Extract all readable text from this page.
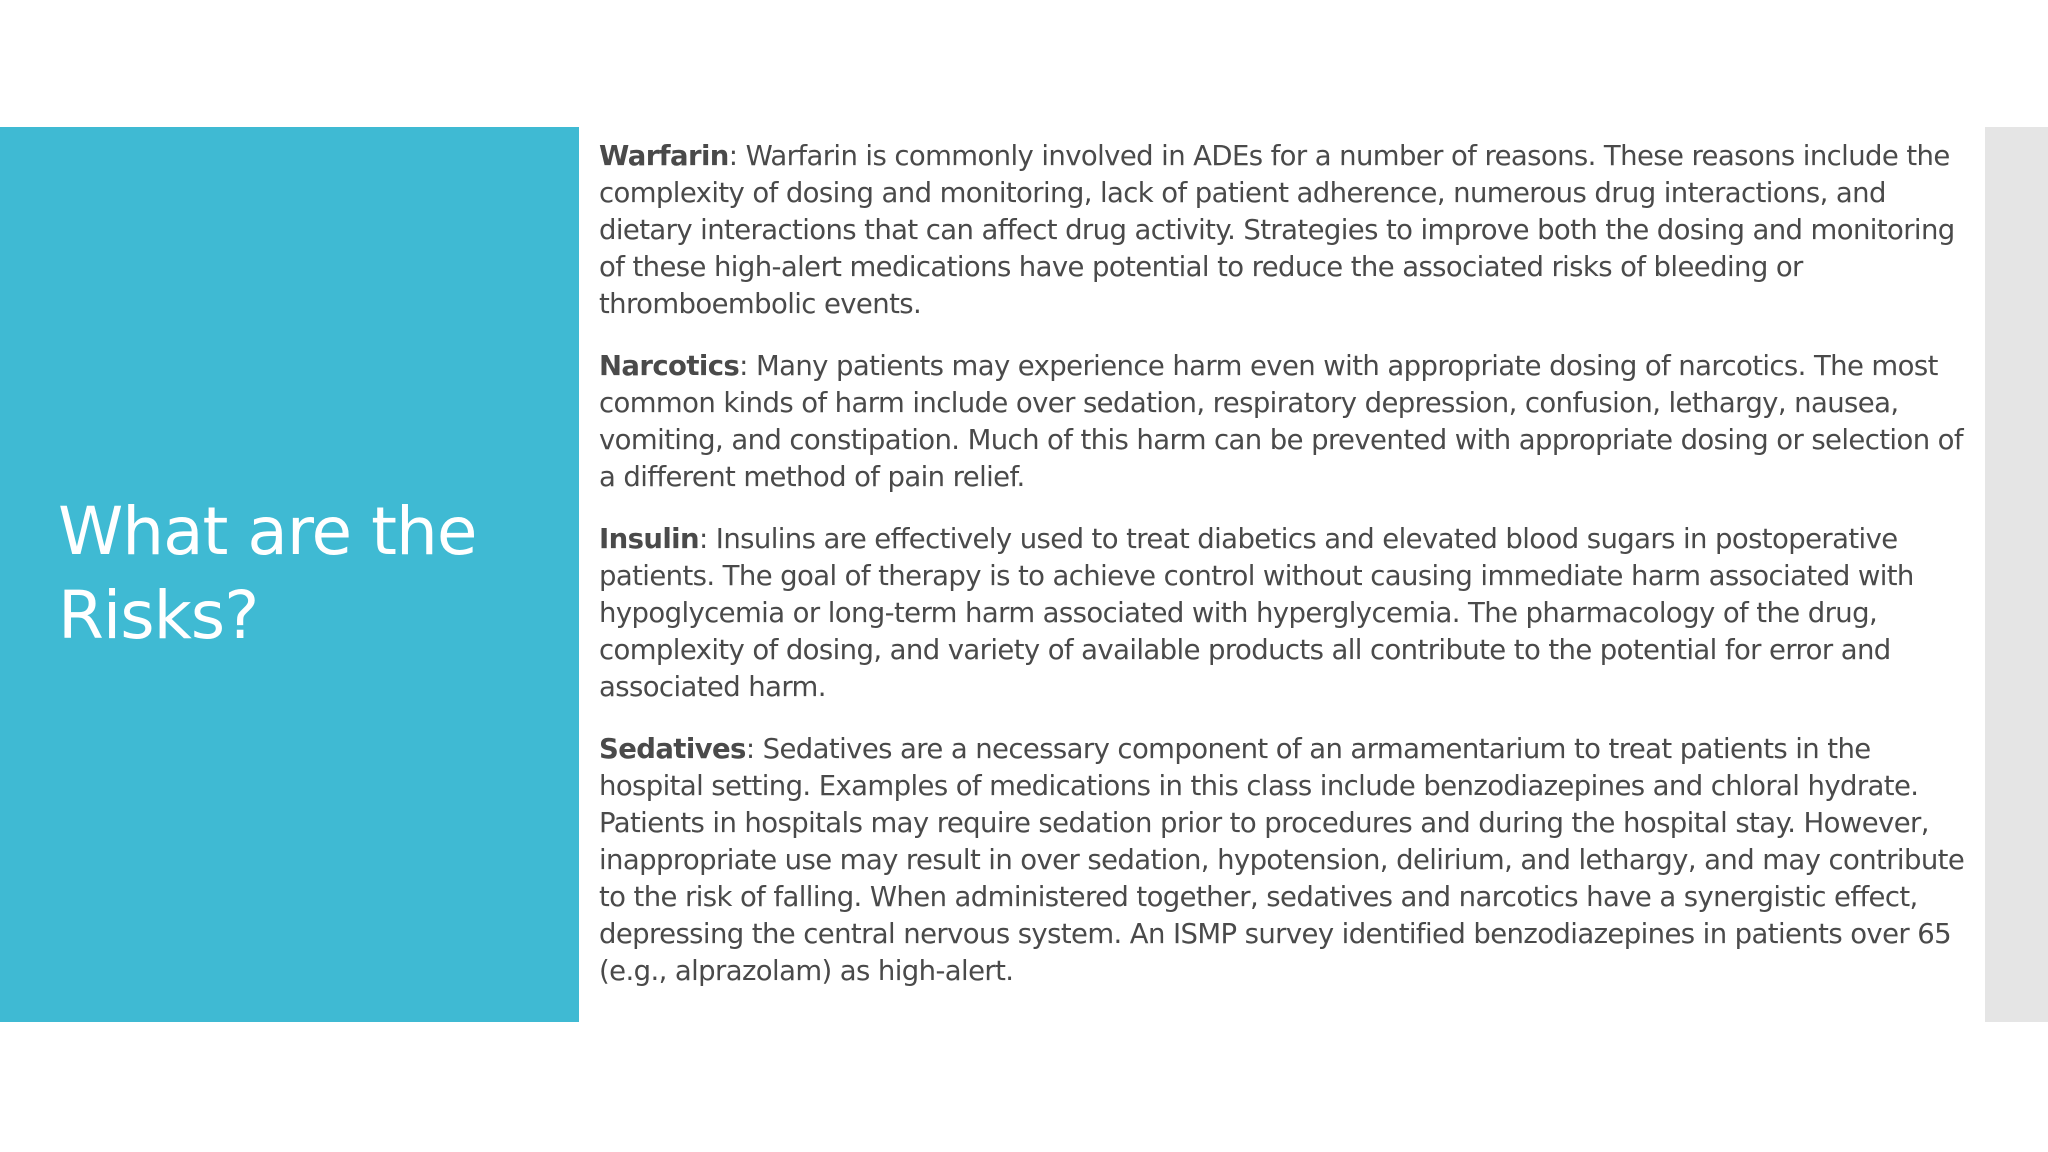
What are the Risks?

Warfarin: Warfarin is commonly involved in ADEs for a number of reasons. These reasons include the complexity of dosing and monitoring, lack of patient adherence, numerous drug interactions, and dietary interactions that can affect drug activity. Strategies to improve both the dosing and monitoring of these high-alert medications have potential to reduce the associated risks of bleeding or thromboembolic events.

Narcotics: Many patients may experience harm even with appropriate dosing of narcotics. The most common kinds of harm include over sedation, respiratory depression, confusion, lethargy, nausea, vomiting, and constipation. Much of this harm can be prevented with appropriate dosing or selection of a different method of pain relief.

Insulin: Insulins are effectively used to treat diabetics and elevated blood sugars in postoperative patients. The goal of therapy is to achieve control without causing immediate harm associated with hypoglycemia or long-term harm associated with hyperglycemia. The pharmacology of the drug, complexity of dosing, and variety of available products all contribute to the potential for error and associated harm.

Sedatives: Sedatives are a necessary component of an armamentarium to treat patients in the hospital setting. Examples of medications in this class include benzodiazepines and chloral hydrate. Patients in hospitals may require sedation prior to procedures and during the hospital stay. However, inappropriate use may result in over sedation, hypotension, delirium, and lethargy, and may contribute to the risk of falling. When administered together, sedatives and narcotics have a synergistic effect, depressing the central nervous system. An ISMP survey identified benzodiazepines in patients over 65 (e.g., alprazolam) as high-alert.
